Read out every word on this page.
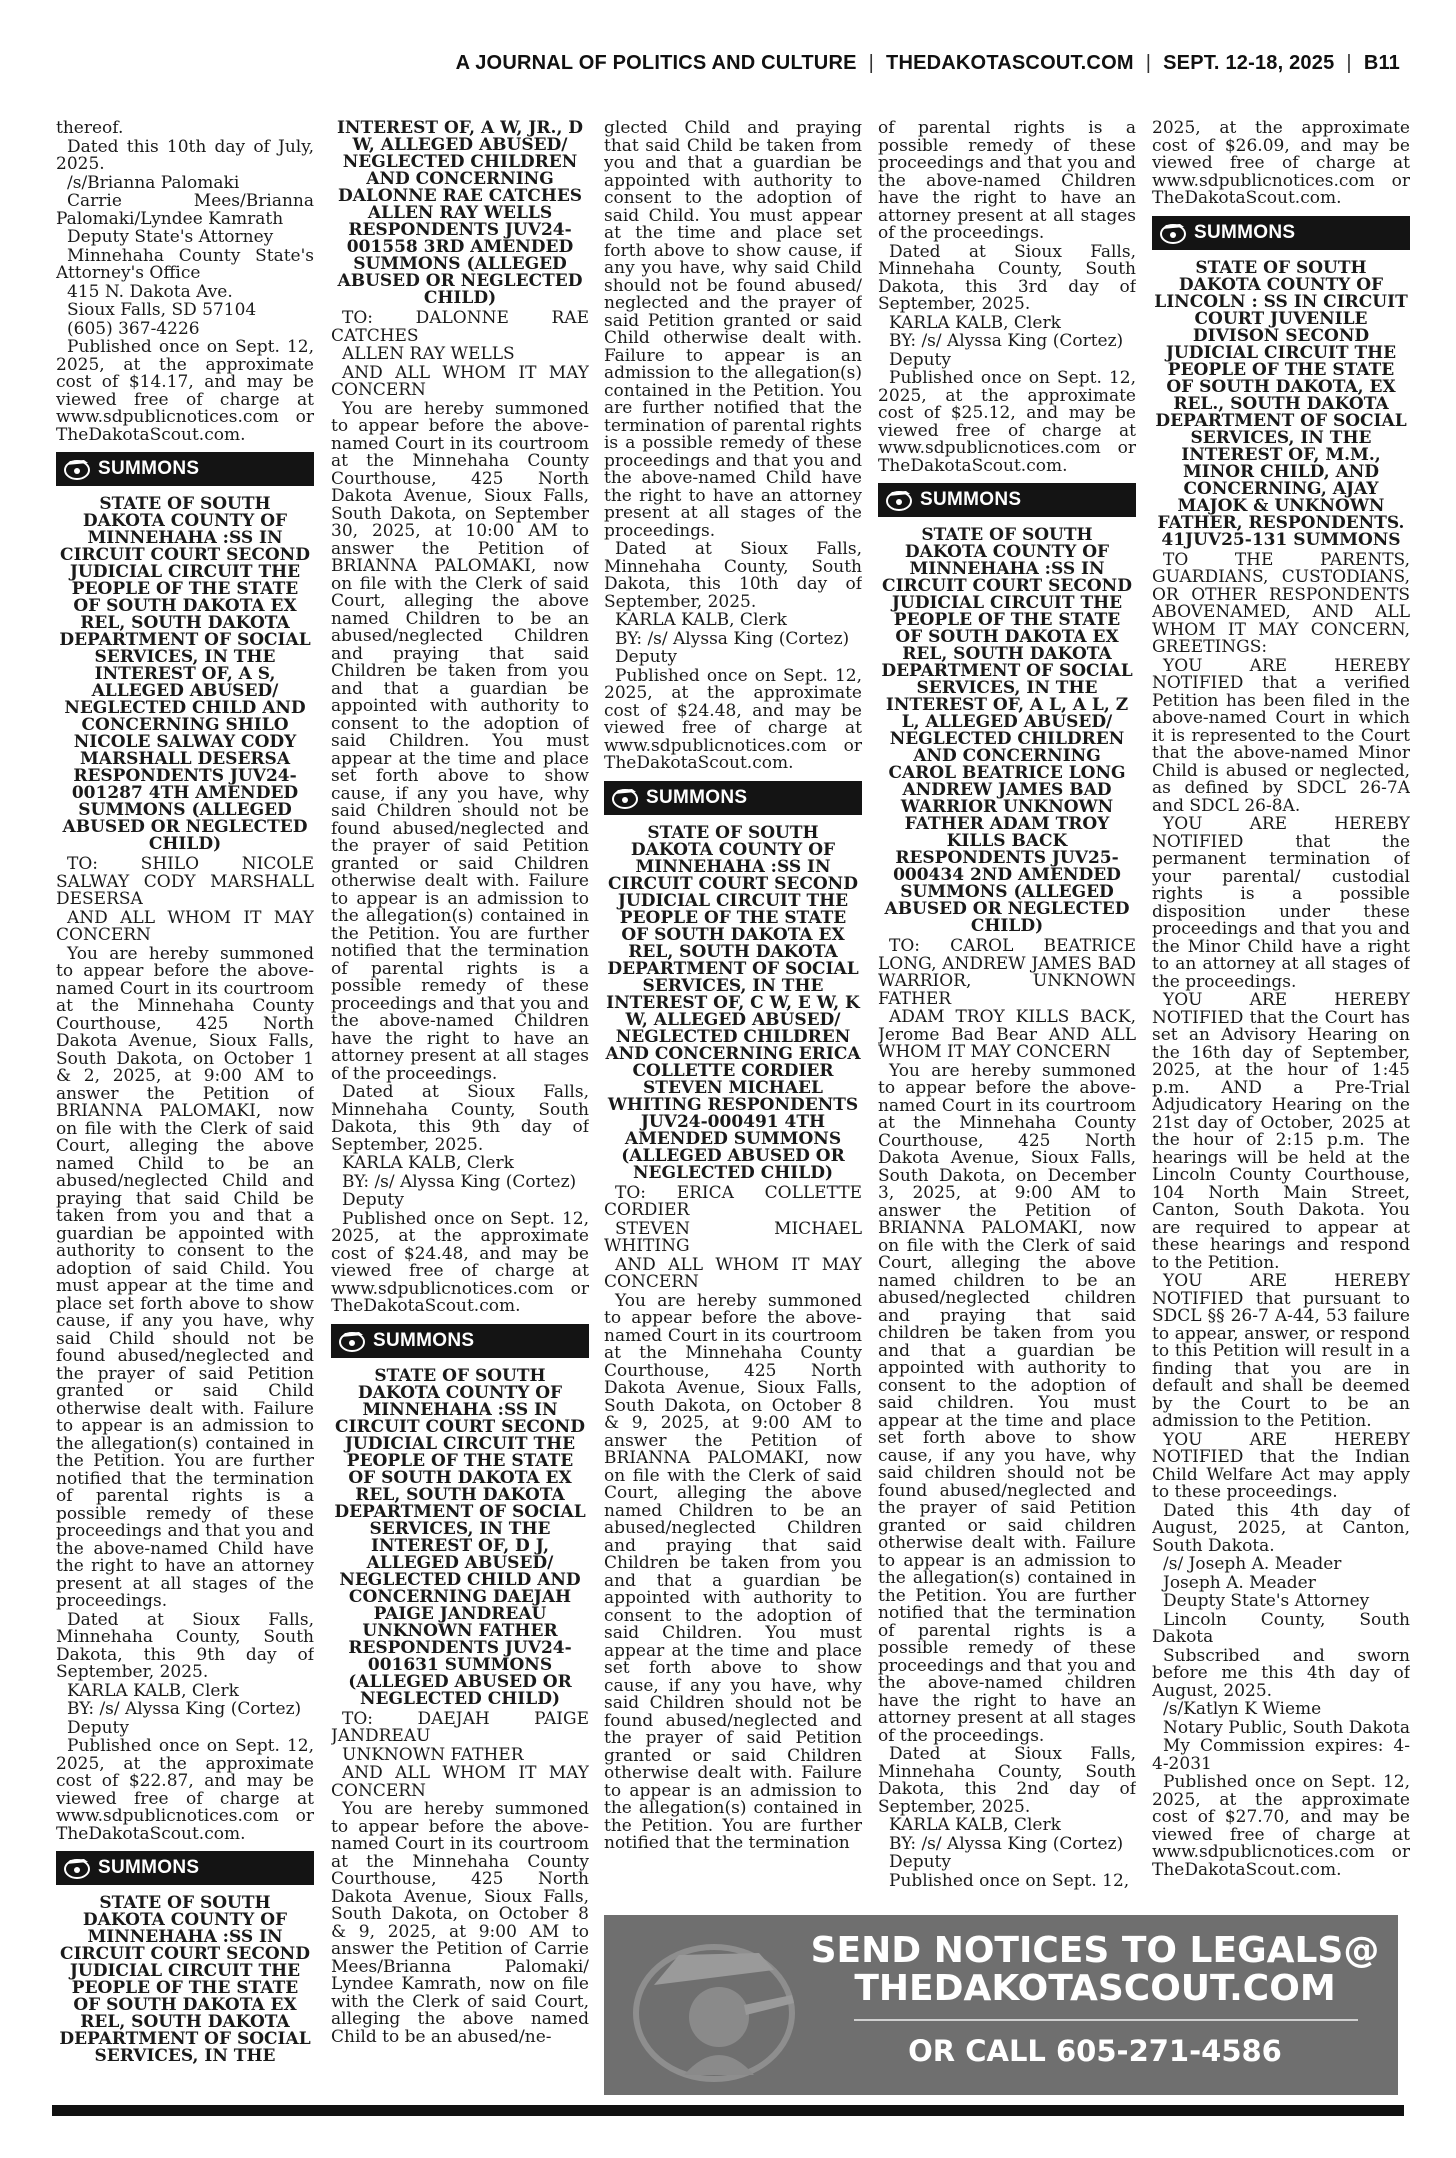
A JOURNAL OF POLITICS AND CULTURE | THEDAKOTASCOUT.COM | SEPT. 12-18, 2025 | B11
thereof.
Dated this 10th day of July, 2025.
/s/Brianna Palomaki
Carrie Mees/Brianna Palomaki/Lyndee Kamrath
Deputy State's Attorney
Minnehaha County State's Attorney's Office
415 N. Dakota Ave.
Sioux Falls, SD 57104
(605) 367-4226
Published once on Sept. 12, 2025, at the approximate cost of $14.17, and may be viewed free of charge at www.sdpublicnotices.com or TheDakotaScout.com.
SUMMONS
STATE OF SOUTH DAKOTA COUNTY OF MINNEHAHA :SS IN CIRCUIT COURT SECOND JUDICIAL CIRCUIT THE PEOPLE OF THE STATE OF SOUTH DAKOTA EX REL, SOUTH DAKOTA DEPARTMENT OF SOCIAL SERVICES, IN THE INTEREST OF, A S, ALLEGED ABUSED/ NEGLECTED CHILD AND CONCERNING SHILO NICOLE SALWAY CODY MARSHALL DESERSA RESPONDENTS JUV24-001287 4TH AMENDED SUMMONS (ALLEGED ABUSED OR NEGLECTED CHILD)
TO: SHILO NICOLE SALWAY CODY MARSHALL DESERSA
AND ALL WHOM IT MAY CONCERN
You are hereby summoned to appear before the above-named Court in its courtroom at the Minnehaha County Courthouse, 425 North Dakota Avenue, Sioux Falls, South Dakota, on October 1 & 2, 2025, at 9:00 AM to answer the Petition of BRIANNA PALOMAKI, now on file with the Clerk of said Court, alleging the above named Child to be an abused/neglected Child and praying that said Child be taken from you and that a guardian be appointed with authority to consent to the adoption of said Child. You must appear at the time and place set forth above to show cause, if any you have, why said Child should not be found abused/neglected and the prayer of said Petition granted or said Child otherwise dealt with. Failure to appear is an admission to the allegation(s) contained in the Petition. You are further notified that the termination of parental rights is a possible remedy of these proceedings and that you and the above-named Child have the right to have an attorney present at all stages of the proceedings.
Dated at Sioux Falls, Minnehaha County, South Dakota, this 9th day of September, 2025.
KARLA KALB, Clerk
BY: /s/ Alyssa King (Cortez)
Deputy
Published once on Sept. 12, 2025, at the approximate cost of $22.87, and may be viewed free of charge at www.sdpublicnotices.com or TheDakotaScout.com.
SUMMONS
STATE OF SOUTH DAKOTA COUNTY OF MINNEHAHA :SS IN CIRCUIT COURT SECOND JUDICIAL CIRCUIT THE PEOPLE OF THE STATE OF SOUTH DAKOTA EX REL, SOUTH DAKOTA DEPARTMENT OF SOCIAL SERVICES, IN THE
INTEREST OF, A W, JR., D W, ALLEGED ABUSED/ NEGLECTED CHILDREN AND CONCERNING DALONNE RAE CATCHES ALLEN RAY WELLS RESPONDENTS JUV24-001558 3RD AMENDED SUMMONS (ALLEGED ABUSED OR NEGLECTED CHILD)
TO: DALONNE RAE CATCHES
ALLEN RAY WELLS
AND ALL WHOM IT MAY CONCERN
You are hereby summoned to appear before the above-named Court in its courtroom at the Minnehaha County Courthouse, 425 North Dakota Avenue, Sioux Falls, South Dakota, on September 30, 2025, at 10:00 AM to answer the Petition of BRIANNA PALOMAKI, now on file with the Clerk of said Court, alleging the above named Children to be an abused/neglected Children and praying that said Children be taken from you and that a guardian be appointed with authority to consent to the adoption of said Children. You must appear at the time and place set forth above to show cause, if any you have, why said Children should not be found abused/neglected and the prayer of said Petition granted or said Children otherwise dealt with. Failure to appear is an admission to the allegation(s) contained in the Petition. You are further notified that the termination of parental rights is a possible remedy of these proceedings and that you and the above-named Children have the right to have an attorney present at all stages of the proceedings.
Dated at Sioux Falls, Minnehaha County, South Dakota, this 9th day of September, 2025.
KARLA KALB, Clerk
BY: /s/ Alyssa King (Cortez)
Deputy
Published once on Sept. 12, 2025, at the approximate cost of $24.48, and may be viewed free of charge at www.sdpublicnotices.com or TheDakotaScout.com.
SUMMONS
STATE OF SOUTH DAKOTA COUNTY OF MINNEHAHA :SS IN CIRCUIT COURT SECOND JUDICIAL CIRCUIT THE PEOPLE OF THE STATE OF SOUTH DAKOTA EX REL, SOUTH DAKOTA DEPARTMENT OF SOCIAL SERVICES, IN THE INTEREST OF, D J, ALLEGED ABUSED/ NEGLECTED CHILD AND CONCERNING DAEJAH PAIGE JANDREAU UNKNOWN FATHER RESPONDENTS JUV24-001631 SUMMONS (ALLEGED ABUSED OR NEGLECTED CHILD)
TO: DAEJAH PAIGE JANDREAU
UNKNOWN FATHER
AND ALL WHOM IT MAY CONCERN
You are hereby summoned to appear before the above-named Court in its courtroom at the Minnehaha County Courthouse, 425 North Dakota Avenue, Sioux Falls, South Dakota, on October 8 & 9, 2025, at 9:00 AM to answer the Petition of Carrie Mees/Brianna Palomaki/ Lyndee Kamrath, now on file with the Clerk of said Court, alleging the above named Child to be an abused/ne-
glected Child and praying that said Child be taken from you and that a guardian be appointed with authority to consent to the adoption of said Child. You must appear at the time and place set forth above to show cause, if any you have, why said Child should not be found abused/ neglected and the prayer of said Petition granted or said Child otherwise dealt with. Failure to appear is an admission to the allegation(s) contained in the Petition. You are further notified that the termination of parental rights is a possible remedy of these proceedings and that you and the above-named Child have the right to have an attorney present at all stages of the proceedings.
Dated at Sioux Falls, Minnehaha County, South Dakota, this 10th day of September, 2025.
KARLA KALB, Clerk
BY: /s/ Alyssa King (Cortez)
Deputy
Published once on Sept. 12, 2025, at the approximate cost of $24.48, and may be viewed free of charge at www.sdpublicnotices.com or TheDakotaScout.com.
SUMMONS
STATE OF SOUTH DAKOTA COUNTY OF MINNEHAHA :SS IN CIRCUIT COURT SECOND JUDICIAL CIRCUIT THE PEOPLE OF THE STATE OF SOUTH DAKOTA EX REL, SOUTH DAKOTA DEPARTMENT OF SOCIAL SERVICES, IN THE INTEREST OF, C W, E W, K W, ALLEGED ABUSED/ NEGLECTED CHILDREN AND CONCERNING ERICA COLLETTE CORDIER STEVEN MICHAEL WHITING RESPONDENTS JUV24-000491 4TH AMENDED SUMMONS (ALLEGED ABUSED OR NEGLECTED CHILD)
TO: ERICA COLLETTE CORDIER
STEVEN MICHAEL WHITING
AND ALL WHOM IT MAY CONCERN
You are hereby summoned to appear before the above-named Court in its courtroom at the Minnehaha County Courthouse, 425 North Dakota Avenue, Sioux Falls, South Dakota, on October 8 & 9, 2025, at 9:00 AM to answer the Petition of BRIANNA PALOMAKI, now on file with the Clerk of said Court, alleging the above named Children to be an abused/neglected Children and praying that said Children be taken from you and that a guardian be appointed with authority to consent to the adoption of said Children. You must appear at the time and place set forth above to show cause, if any you have, why said Children should not be found abused/neglected and the prayer of said Petition granted or said Children otherwise dealt with. Failure to appear is an admission to the allegation(s) contained in the Petition. You are further notified that the termination
of parental rights is a possible remedy of these proceedings and that you and the above-named Children have the right to have an attorney present at all stages of the proceedings.
Dated at Sioux Falls, Minnehaha County, South Dakota, this 3rd day of September, 2025.
KARLA KALB, Clerk
BY: /s/ Alyssa King (Cortez)
Deputy
Published once on Sept. 12, 2025, at the approximate cost of $25.12, and may be viewed free of charge at www.sdpublicnotices.com or TheDakotaScout.com.
SUMMONS
STATE OF SOUTH DAKOTA COUNTY OF MINNEHAHA :SS IN CIRCUIT COURT SECOND JUDICIAL CIRCUIT THE PEOPLE OF THE STATE OF SOUTH DAKOTA EX REL, SOUTH DAKOTA DEPARTMENT OF SOCIAL SERVICES, IN THE INTEREST OF, A L, A L, Z L, ALLEGED ABUSED/ NEGLECTED CHILDREN AND CONCERNING CAROL BEATRICE LONG ANDREW JAMES BAD WARRIOR UNKNOWN FATHER ADAM TROY KILLS BACK RESPONDENTS JUV25-000434 2ND AMENDED SUMMONS (ALLEGED ABUSED OR NEGLECTED CHILD)
TO: CAROL BEATRICE LONG, ANDREW JAMES BAD WARRIOR, UNKNOWN FATHER
ADAM TROY KILLS BACK, Jerome Bad Bear AND ALL WHOM IT MAY CONCERN
You are hereby summoned to appear before the above-named Court in its courtroom at the Minnehaha County Courthouse, 425 North Dakota Avenue, Sioux Falls, South Dakota, on December 3, 2025, at 9:00 AM to answer the Petition of BRIANNA PALOMAKI, now on file with the Clerk of said Court, alleging the above named children to be an abused/neglected children and praying that said children be taken from you and that a guardian be appointed with authority to consent to the adoption of said children. You must appear at the time and place set forth above to show cause, if any you have, why said children should not be found abused/neglected and the prayer of said Petition granted or said children otherwise dealt with. Failure to appear is an admission to the allegation(s) contained in the Petition. You are further notified that the termination of parental rights is a possible remedy of these proceedings and that you and the above-named children have the right to have an attorney present at all stages of the proceedings.
Dated at Sioux Falls, Minnehaha County, South Dakota, this 2nd day of September, 2025.
KARLA KALB, Clerk
BY: /s/ Alyssa King (Cortez)
Deputy
Published once on Sept. 12,
2025, at the approximate cost of $26.09, and may be viewed free of charge at www.sdpublicnotices.com or TheDakotaScout.com.
SUMMONS
STATE OF SOUTH DAKOTA COUNTY OF LINCOLN : SS IN CIRCUIT COURT JUVENILE DIVISON SECOND JUDICIAL CIRCUIT THE PEOPLE OF THE STATE OF SOUTH DAKOTA, EX REL., SOUTH DAKOTA DEPARTMENT OF SOCIAL SERVICES, IN THE INTEREST OF, M.M., MINOR CHILD, AND CONCERNING, AJAY MAJOK & UNKNOWN FATHER, RESPONDENTS. 41JUV25-131 SUMMONS
TO THE PARENTS, GUARDIANS, CUSTODIANS, OR OTHER RESPONDENTS ABOVENAMED, AND ALL WHOM IT MAY CONCERN, GREETINGS:
YOU ARE HEREBY NOTIFIED that a verified Petition has been filed in the above-named Court in which it is represented to the Court that the above-named Minor Child is abused or neglected, as defined by SDCL 26-7A and SDCL 26-8A.
YOU ARE HEREBY NOTIFIED that the permanent termination of your parental/ custodial rights is a possible disposition under these proceedings and that you and the Minor Child have a right to an attorney at all stages of the proceedings.
YOU ARE HEREBY NOTIFIED that the Court has set an Advisory Hearing on the 16th day of September, 2025, at the hour of 1:45 p.m. AND a Pre-Trial Adjudicatory Hearing on the 21st day of October, 2025 at the hour of 2:15 p.m. The hearings will be held at the Lincoln County Courthouse, 104 North Main Street, Canton, South Dakota. You are required to appear at these hearings and respond to the Petition.
YOU ARE HEREBY NOTIFIED that pursuant to SDCL §§ 26-7 A-44, 53 failure to appear, answer, or respond to this Petition will result in a finding that you are in default and shall be deemed by the Court to be an admission to the Petition.
YOU ARE HEREBY NOTIFIED that the Indian Child Welfare Act may apply to these proceedings.
Dated this 4th day of August, 2025, at Canton, South Dakota.
/s/ Joseph A. Meader
Joseph A. Meader
Deupty State's Attorney
Lincoln County, South Dakota
Subscribed and sworn before me this 4th day of August, 2025.
/s/Katlyn K Wieme
Notary Public, South Dakota
My Commission expires: 4-4-2031
Published once on Sept. 12, 2025, at the approximate cost of $27.70, and may be viewed free of charge at www.sdpublicnotices.com or TheDakotaScout.com.
SEND NOTICES TO LEGALS@
THEDAKOTASCOUT.COM
OR CALL 605-271-4586
